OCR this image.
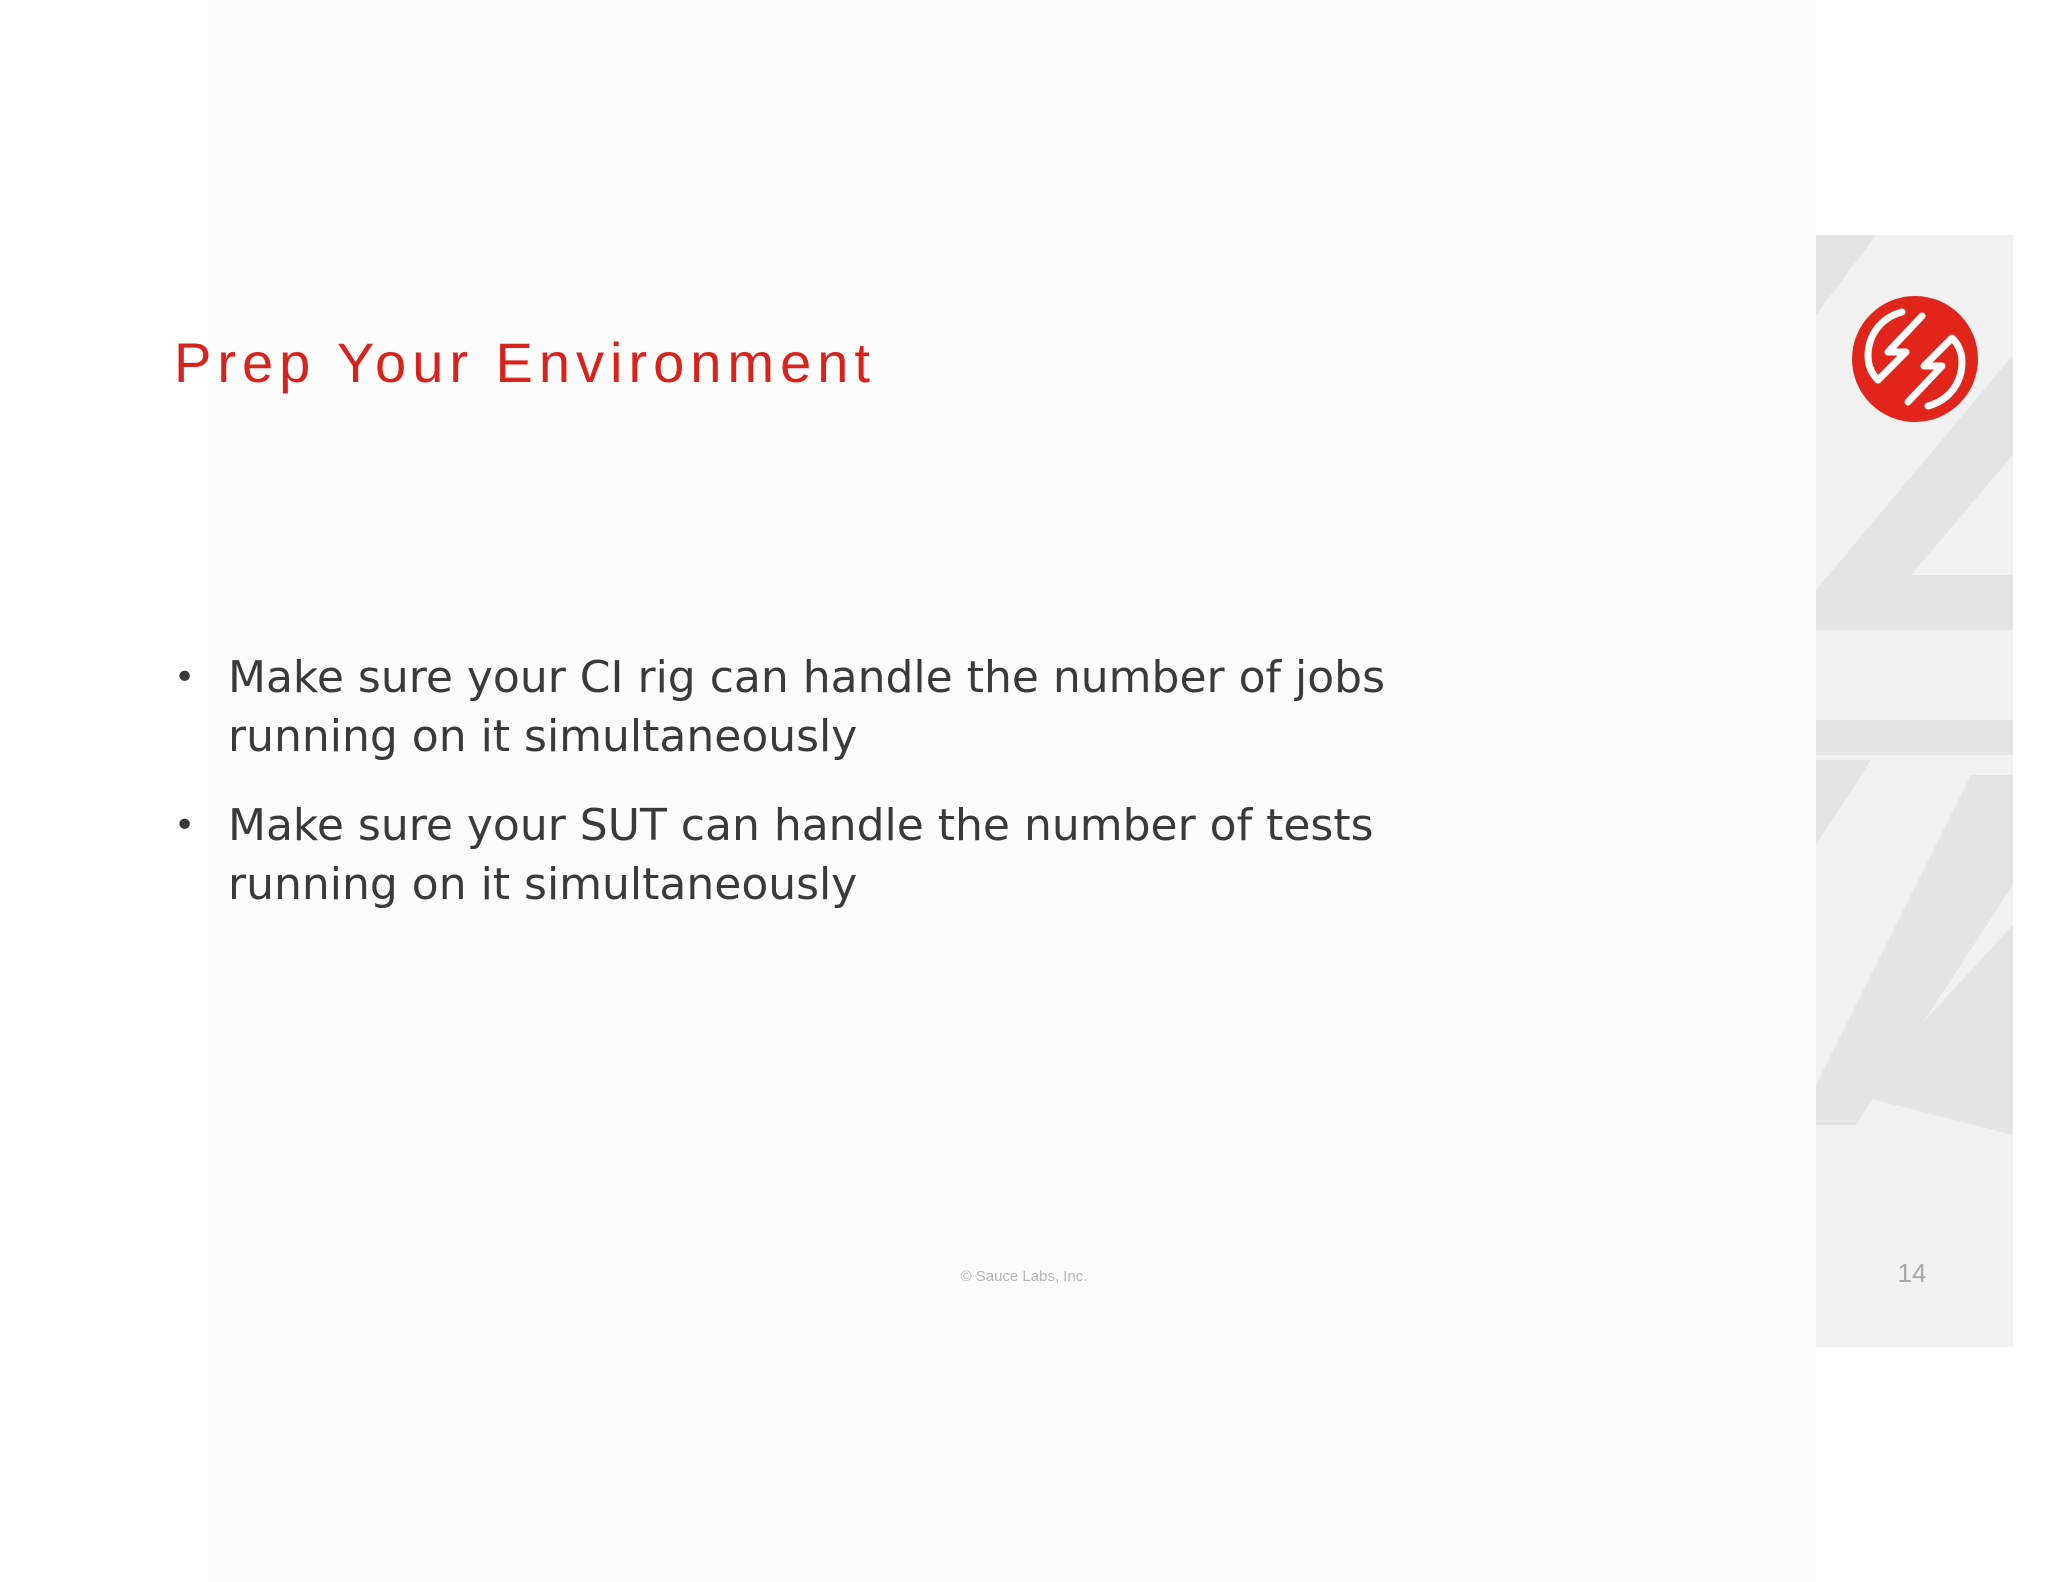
Prep Your Environment
• Make sure your CI rig can handle the number of jobs
running on it simultaneously
• Make sure your SUT can handle the number of tests
running on it simultaneously
© Sauce Labs, Inc.	14
